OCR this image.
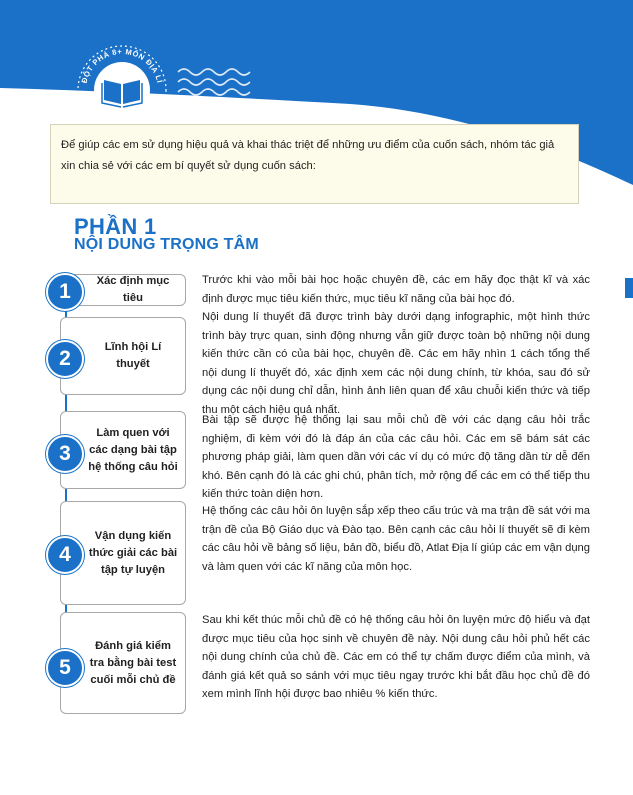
ĐỘT PHÁ 8+ MÔN ĐỊA LÍ
Để giúp các em sử dụng hiệu quả và khai thác triệt để những ưu điểm của cuốn sách, nhóm tác giả xin chia sẻ với các em bí quyết sử dụng cuốn sách:
PHẦN 1
NỘI DUNG TRỌNG TÂM
Xác định mục tiêu
1	Trước khi vào mỗi bài học hoặc chuyên đề, các em hãy đọc thật kĩ và xác định được mục tiêu kiến thức, mục tiêu kĩ năng của bài học đó.
Lĩnh hội Lí thuyết
2
Nội dung lí thuyết đã được trình bày dưới dạng infographic, một hình thức trình bày trực quan, sinh động nhưng vẫn giữ được toàn bộ những nội dung kiến thức cần có của bài học, chuyên đề. Các em hãy nhìn 1 cách tổng thể nội dung lí thuyết đó, xác định xem các nội dung chính, từ khóa, sau đó sử dụng các nội dung chỉ dẫn, hình ảnh liên quan để xâu chuỗi kiến thức và tiếp thu một cách hiệu quả nhất.
Làm quen với các dạng bài tập hệ thống câu hỏi
3
Bài tập sẽ được hệ thống lại sau mỗi chủ đề với các dạng câu hỏi trắc nghiệm, đi kèm với đó là đáp án của các câu hỏi. Các em sẽ bám sát các phương pháp giải, làm quen dần với các ví dụ có mức độ tăng dần từ dễ đến khó. Bên cạnh đó là các ghi chú, phân tích, mở rộng để các em có thể tiếp thu kiến thức toàn diện hơn.
Vận dụng kiến thức giải các bài tập tự luyện
4
Hệ thống các câu hỏi ôn luyện sắp xếp theo cấu trúc và ma trận đề sát với ma trận đề của Bộ Giáo dục và Đào tạo. Bên cạnh các câu hỏi lí thuyết sẽ đi kèm các câu hỏi về bảng số liệu, bản đồ, biểu đồ, Atlat Địa lí giúp các em vận dụng và làm quen với các kĩ năng của môn học.
Đánh giá kiểm tra bằng bài test cuối mỗi chủ đề
5
Sau khi kết thúc mỗi chủ đề có hệ thống câu hỏi ôn luyện mức độ hiểu và đạt được mục tiêu của học sinh về chuyên đề này. Nội dung câu hỏi phủ hết các nội dung chính của chủ đề. Các em có thể tự chấm được điểm của mình, và đánh giá kết quả so sánh với mục tiêu ngay trước khi bắt đầu học chủ đề đó xem mình lĩnh hội được bao nhiêu % kiến thức.
